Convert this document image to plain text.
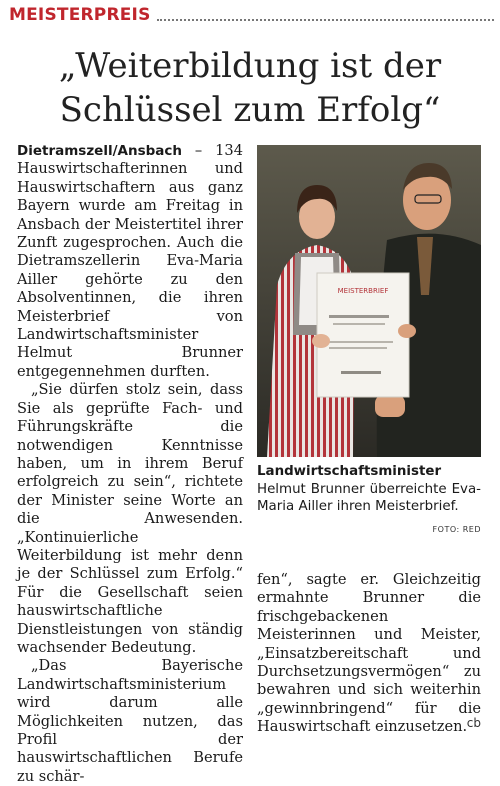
MEISTERPREIS
„Weiterbildung ist der
Schlüssel zum Erfolg“

Dietramszell/Ansbach – 134 Hauswirtschafterinnen und Hauswirtschaftern aus ganz Bayern wurde am Freitag in Ansbach der Meistertitel ihrer Zunft zugesprochen. Auch die Dietramszellerin Eva-Maria Ailler gehörte zu den Absolventinnen, die ihren Meisterbrief von Landwirtschaftsminister Helmut Brunner entgegennehmen durften.

„Sie dürfen stolz sein, dass Sie als geprüfte Fach- und Führungskräfte die notwendigen Kenntnisse haben, um in ihrem Beruf erfolgreich zu sein“, richtete der Minister seine Worte an die Anwesenden. „Kontinuierliche Weiterbildung ist mehr denn je der Schlüssel zum Erfolg.“ Für die Gesellschaft seien hauswirtschaftliche Dienstleistungen von ständig wachsender Bedeutung.

„Das Bayerische Landwirtschaftsministerium wird darum alle Möglichkeiten nutzen, das Profil der hauswirtschaftlichen Berufe zu schär-

MEISTERBRIEF
Landwirtschaftsminister Helmut Brunner überreichte Eva-Maria Ailler ihren Meisterbrief.
FOTO: RED

fen“, sagte er. Gleichzeitig ermahnte Brunner die frischgebackenen Meisterinnen und Meister, „Einsatzbereitschaft und Durchsetzungsvermögen“ zu bewahren und sich weiterhin „gewinnbringend“ für die Hauswirtschaft einzusetzen. cb
